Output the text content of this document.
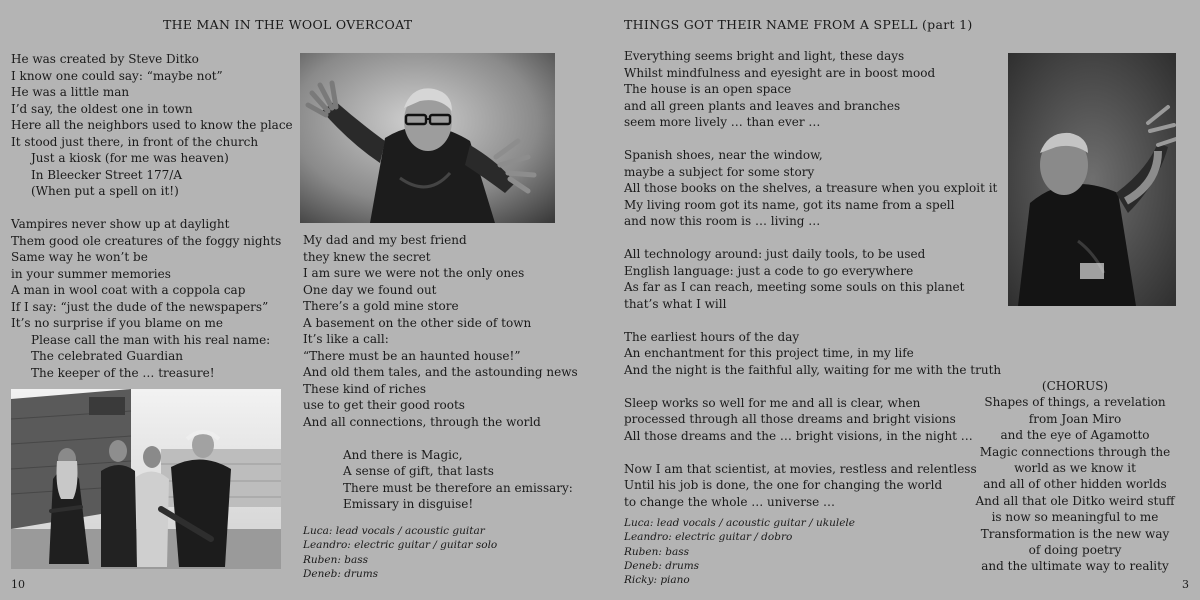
THE MAN IN THE WOOL OVERCOAT
He was created by Steve Ditko
I know one could say: “maybe not”
He was a little man
I’d say, the oldest one in town
Here all the neighbors used to know the place
It stood just there, in front of the church
Just a kiosk (for me was heaven)
In Bleecker Street 177/A
(When put a spell on it!)

Vampires never show up at daylight
Them good ole creatures of the foggy nights
Same way he won’t be
in your summer memories
A man in wool coat with a coppola cap
If I say: “just the dude of the newspapers”
It’s no surprise if you blame on me
Please call the man with his real name:
The celebrated Guardian
The keeper of the … treasure!
My dad and my best friend
they knew the secret
I am sure we were not the only ones
One day we found out
There’s a gold mine store
A basement on the other side of town
It’s like a call:
“There must be an haunted house!”
And old them tales, and the astounding news
These kind of riches
use to get their good roots
And all connections, through the world

And there is Magic,
A sense of gift, that lasts
There must be therefore an emissary:
Emissary in disguise!
Luca: lead vocals / acoustic guitar
Leandro: electric guitar / guitar solo
Ruben: bass
Deneb: drums
10
THINGS GOT THEIR NAME FROM A SPELL (part 1)
Everything seems bright and light, these days
Whilst mindfulness and eyesight are in boost mood
The house is an open space
and all green plants and leaves and branches
seem more lively … than ever …

Spanish shoes, near the window,
maybe a subject for some story
All those books on the shelves, a treasure when you exploit it
My living room got its name, got its name from a spell
and now this room is … living …

All technology around: just daily tools, to be used
English language: just a code to go everywhere
As far as I can reach, meeting some souls on this planet
that’s what I will

The earliest hours of the day
An enchantment for this project time, in my life
And the night is the faithful ally, waiting for me with the truth

Sleep works so well for me and all is clear, when
processed through all those dreams and bright visions
All those dreams and the … bright visions, in the night …

Now I am that scientist, at movies, restless and relentless
Until his job is done, the one for changing the world
to change the whole … universe …
(CHORUS)
Shapes of things, a revelation
from Joan Miro
and the eye of Agamotto
Magic connections through the
world as we know it
and all of other hidden worlds
And all that ole Ditko weird stuff
is now so meaningful to me
Transformation is the new way
of doing poetry
and the ultimate way to reality
Luca: lead vocals / acoustic guitar / ukulele
Leandro: electric guitar / dobro
Ruben: bass
Deneb: drums
Ricky: piano	3
